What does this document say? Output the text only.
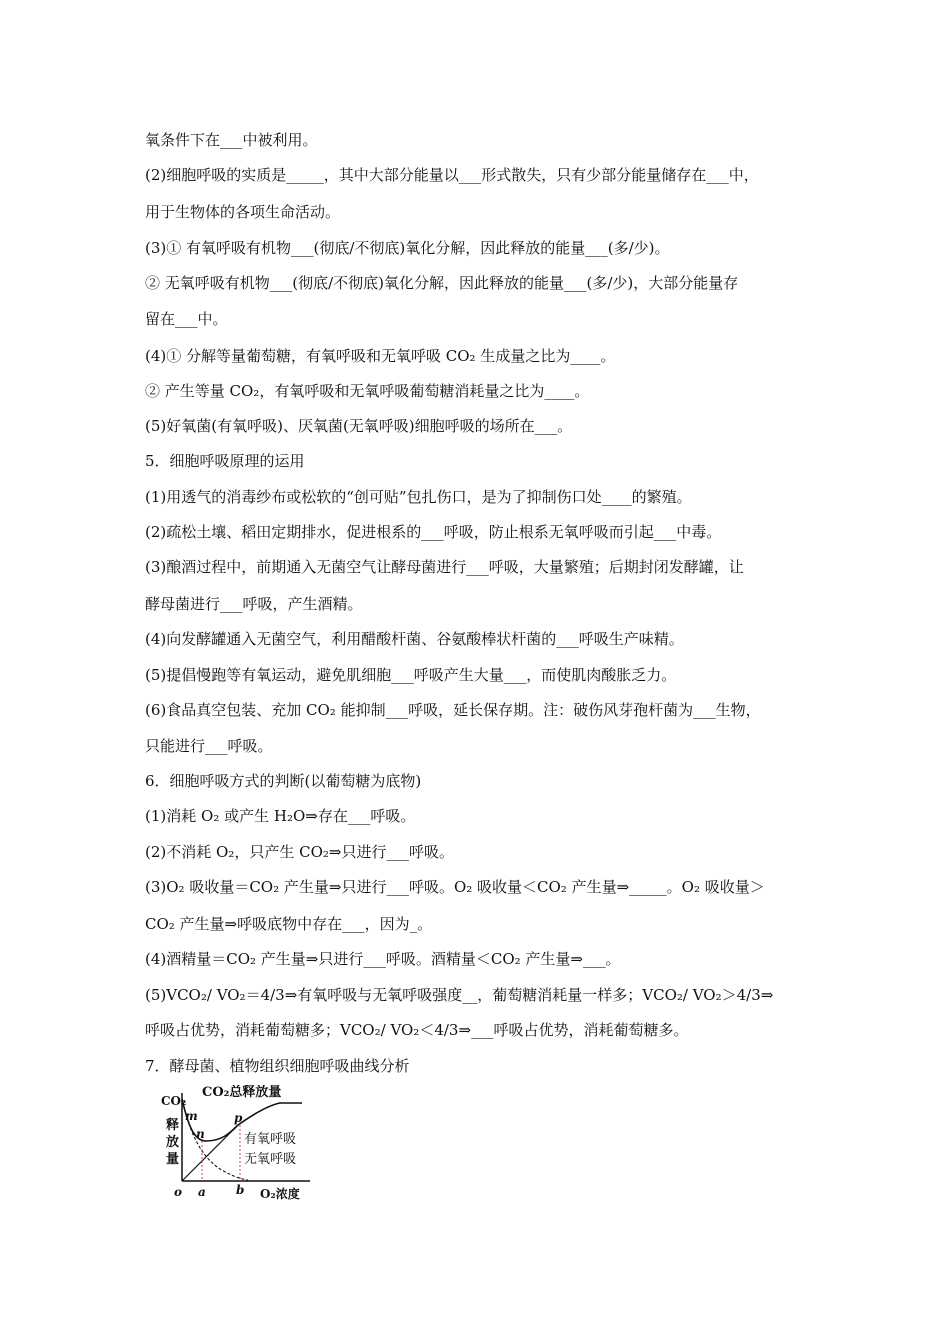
氧条件下在___中被利用。
(2)细胞呼吸的实质是_____，其中大部分能量以___形式散失，只有少部分能量储存在___中，
用于生物体的各项生命活动。
(3)① 有氧呼吸有机物___(彻底/不彻底)氧化分解，因此释放的能量___(多/少)。
② 无氧呼吸有机物___(彻底/不彻底)氧化分解，因此释放的能量___(多/少)，大部分能量存
留在___中。
(4)① 分解等量葡萄糖，有氧呼吸和无氧呼吸 CO₂ 生成量之比为____。
② 产生等量 CO₂，有氧呼吸和无氧呼吸葡萄糖消耗量之比为____。
(5)好氧菌(有氧呼吸)、厌氧菌(无氧呼吸)细胞呼吸的场所在___。
5．细胞呼吸原理的运用
(1)用透气的消毒纱布或松软的“创可贴”包扎伤口，是为了抑制伤口处____的繁殖。
(2)疏松土壤、稻田定期排水，促进根系的___呼吸，防止根系无氧呼吸而引起___中毒。
(3)酿酒过程中，前期通入无菌空气让酵母菌进行___呼吸，大量繁殖；后期封闭发酵罐，让
酵母菌进行___呼吸，产生酒精。
(4)向发酵罐通入无菌空气，利用醋酸杆菌、谷氨酸棒状杆菌的___呼吸生产味精。
(5)提倡慢跑等有氧运动，避免肌细胞___呼吸产生大量___，而使肌肉酸胀乏力。
(6)食品真空包装、充加 CO₂ 能抑制___呼吸，延长保存期。注：破伤风芽孢杆菌为___生物，
只能进行___呼吸。
6．细胞呼吸方式的判断(以葡萄糖为底物)
(1)消耗 O₂ 或产生 H₂O⇒存在___呼吸。
(2)不消耗 O₂，只产生 CO₂⇒只进行___呼吸。
(3)O₂ 吸收量＝CO₂ 产生量⇒只进行___呼吸。O₂ 吸收量＜CO₂ 产生量⇒_____。O₂ 吸收量＞
CO₂ 产生量⇒呼吸底物中存在___，因为_。
(4)酒精量＝CO₂ 产生量⇒只进行___呼吸。酒精量＜CO₂ 产生量⇒___。
(5)VCO₂/ VO₂＝4/3⇒有氧呼吸与无氧呼吸强度__，葡萄糖消耗量一样多；VCO₂/ VO₂＞4/3⇒
呼吸占优势，消耗葡萄糖多；VCO₂/ VO₂＜4/3⇒___呼吸占优势，消耗葡萄糖多。
7．酵母菌、植物组织细胞呼吸曲线分析
CO₂
释
放
量
CO₂总释放量
m
n
p
有氧呼吸
无氧呼吸
o a	b O₂浓度
